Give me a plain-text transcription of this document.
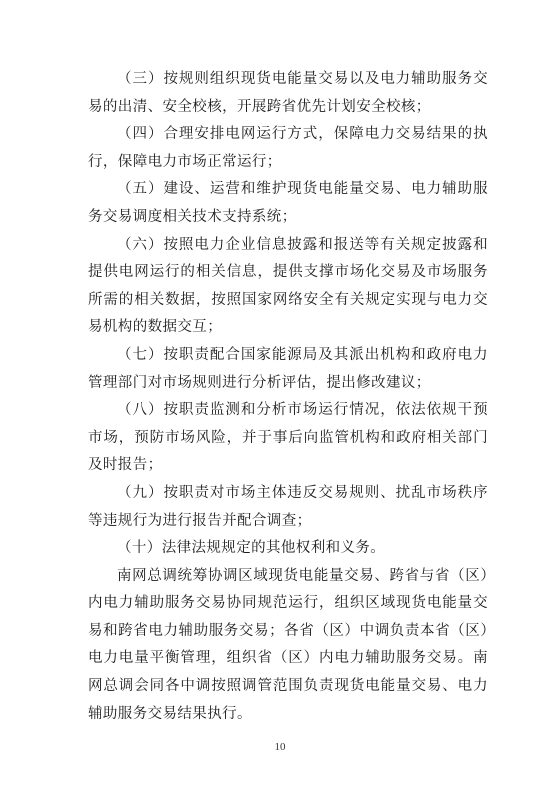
（三）按规则组织现货电能量交易以及电力辅助服务交易的出清、安全校核，开展跨省优先计划安全校核；

（四）合理安排电网运行方式，保障电力交易结果的执行，保障电力市场正常运行；

（五）建设、运营和维护现货电能量交易、电力辅助服务交易调度相关技术支持系统；

（六）按照电力企业信息披露和报送等有关规定披露和提供电网运行的相关信息，提供支撑市场化交易及市场服务所需的相关数据，按照国家网络安全有关规定实现与电力交易机构的数据交互；

（七）按职责配合国家能源局及其派出机构和政府电力管理部门对市场规则进行分析评估，提出修改建议；

（八）按职责监测和分析市场运行情况，依法依规干预市场，预防市场风险，并于事后向监管机构和政府相关部门及时报告；

（九）按职责对市场主体违反交易规则、扰乱市场秩序等违规行为进行报告并配合调查；

（十）法律法规规定的其他权利和义务。

南网总调统筹协调区域现货电能量交易、跨省与省（区）内电力辅助服务交易协同规范运行，组织区域现货电能量交易和跨省电力辅助服务交易；各省（区）中调负责本省（区）电力电量平衡管理，组织省（区）内电力辅助服务交易。南网总调会同各中调按照调管范围负责现货电能量交易、电力辅助服务交易结果执行。

10
